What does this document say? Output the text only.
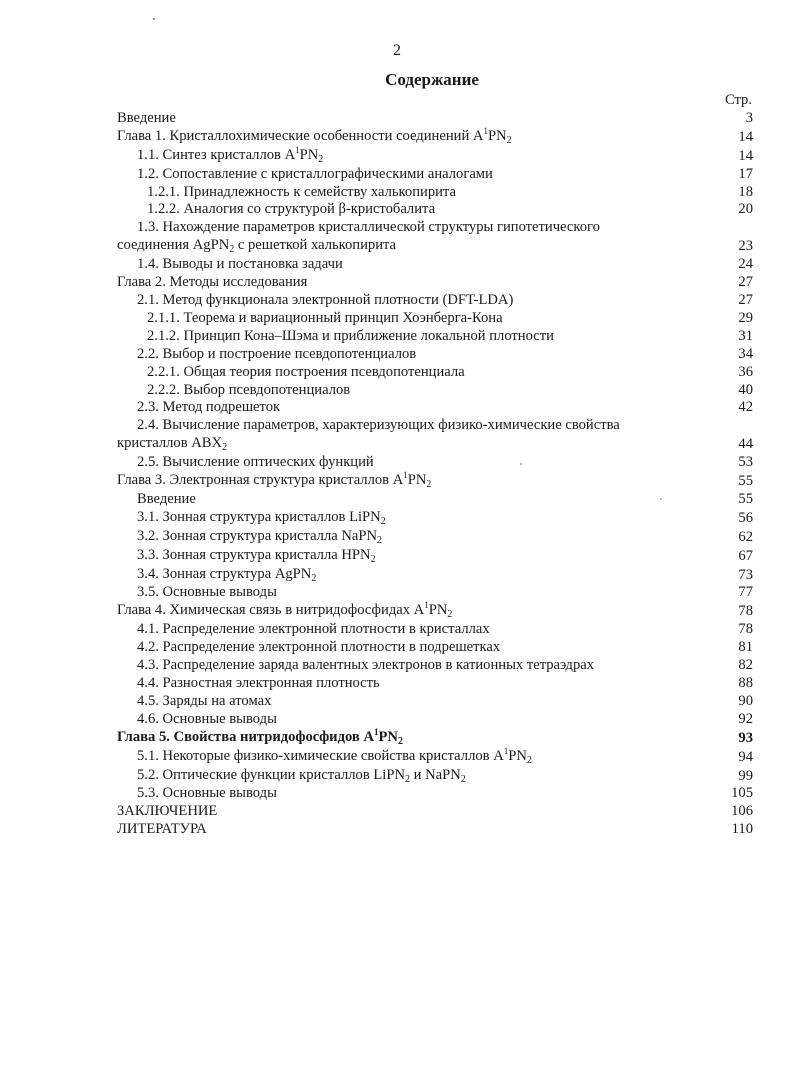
2
Содержание
Стр.
Введение	3
Глава 1. Кристаллохимические особенности соединений $A^1PN_2$	14
1.1. Синтез кристаллов $A^1PN_2$	14
1.2. Сопоставление с кристаллографическими аналогами	17
1.2.1. Принадлежность к семейству халькопирита	18
1.2.2. Аналогия со структурой β-кристобалита	20
1.3. Нахождение параметров кристаллической структуры гипотетического
соединения AgPN$_2$ с решеткой халькопирита	23
1.4. Выводы и постановка задачи	24
Глава 2. Методы исследования	27
2.1. Метод функционала электронной плотности (DFT-LDA)	27
2.1.1. Теорема и вариационный принцип Хоэнберга-Кона	29
2.1.2. Принцип Кона–Шэма и приближение локальной плотности	31
2.2. Выбор и построение псевдопотенциалов	34
2.2.1. Общая теория построения псевдопотенциала	36
2.2.2. Выбор псевдопотенциалов	40
2.3. Метод подрешеток	42
2.4. Вычисление параметров, характеризующих физико-химические свойства
кристаллов $ABX_2$	44
2.5. Вычисление оптических функций	53
Глава 3. Электронная структура кристаллов $A^1PN_2$	55
Введение	55
3.1. Зонная структура кристаллов LiPN$_2$	56
3.2. Зонная структура кристалла NaPN$_2$	62
3.3. Зонная структура кристалла $HPN_2$	67
3.4. Зонная структура AgPN$_2$	73
3.5. Основные выводы	77
Глава 4. Химическая связь в нитридофосфидах $A^1PN_2$	78
4.1. Распределение электронной плотности в кристаллах	78
4.2. Распределение электронной плотности в подрешетках	81
4.3. Распределение заряда валентных электронов в катионных тетраэдрах	82
4.4. Разностная электронная плотность	88
4.5. Заряды на атомах	90
4.6. Основные выводы	92
Глава 5. Свойства нитридофосфидов $A^1PN_2$	93
5.1. Некоторые физико-химические свойства кристаллов $A^1PN_2$	94
5.2. Оптические функции кристаллов LiPN$_2$ и NaPN$_2$	99
5.3. Основные выводы	105
ЗАКЛЮЧЕНИЕ	106
ЛИТЕРАТУРА	110
